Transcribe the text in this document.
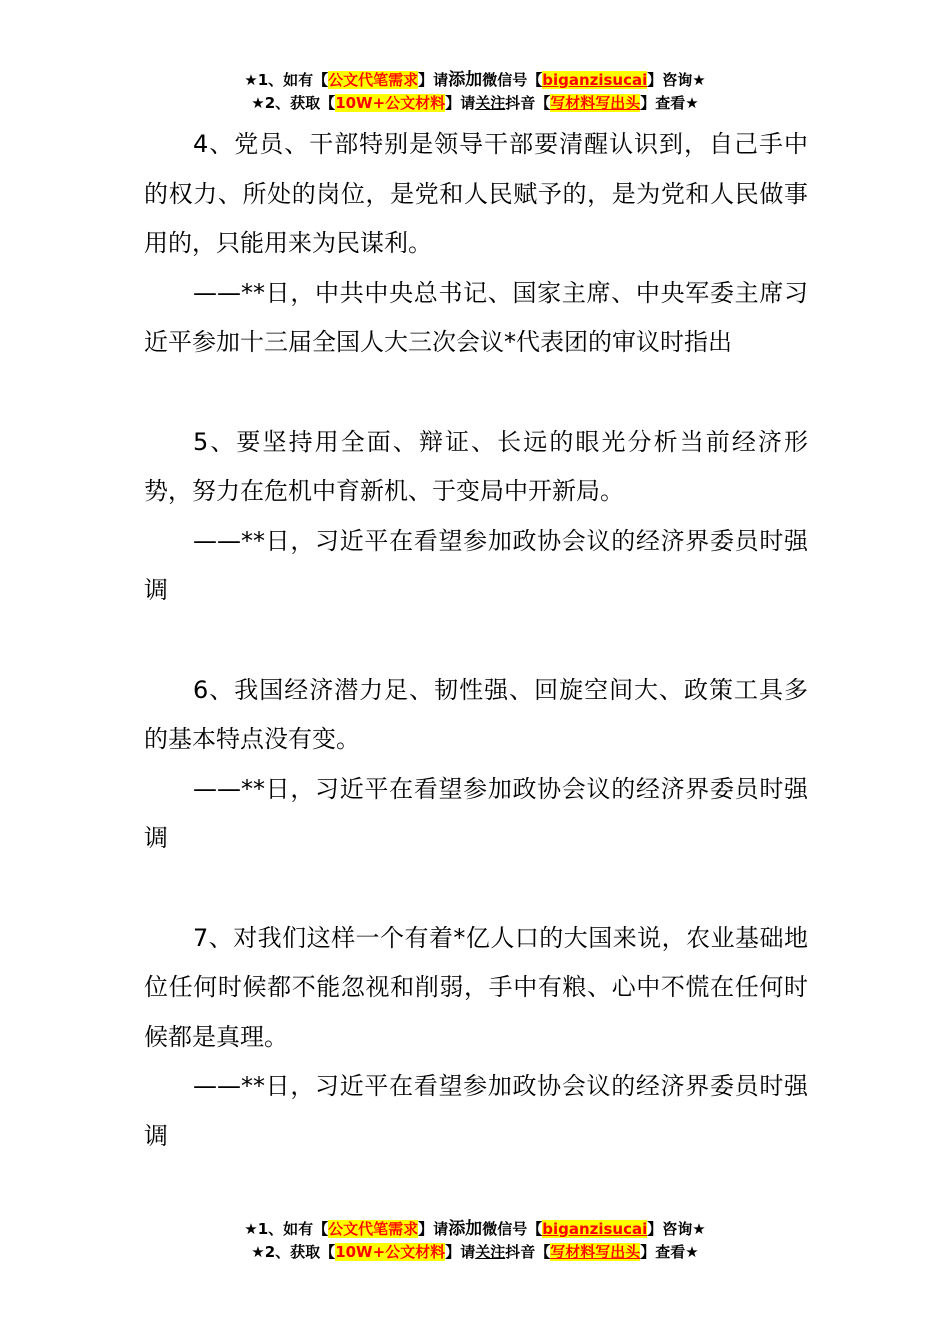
★1、如有【公文代笔需求】请添加微信号【biganzisucai】咨询★
★2、获取【10W+公文材料】请关注抖音【写材料写出头】查看★

4、党员、干部特别是领导干部要清醒认识到，自己手中的权力、所处的岗位，是党和人民赋予的，是为党和人民做事用的，只能用来为民谋利。

——**日，中共中央总书记、国家主席、中央军委主席习近平参加十三届全国人大三次会议*代表团的审议时指出

5、要坚持用全面、辩证、长远的眼光分析当前经济形势，努力在危机中育新机、于变局中开新局。

——**日，习近平在看望参加政协会议的经济界委员时强调

6、我国经济潜力足、韧性强、回旋空间大、政策工具多的基本特点没有变。

——**日，习近平在看望参加政协会议的经济界委员时强调

7、对我们这样一个有着*亿人口的大国来说，农业基础地位任何时候都不能忽视和削弱，手中有粮、心中不慌在任何时候都是真理。

——**日，习近平在看望参加政协会议的经济界委员时强调

★1、如有【公文代笔需求】请添加微信号【biganzisucai】咨询★
★2、获取【10W+公文材料】请关注抖音【写材料写出头】查看★
